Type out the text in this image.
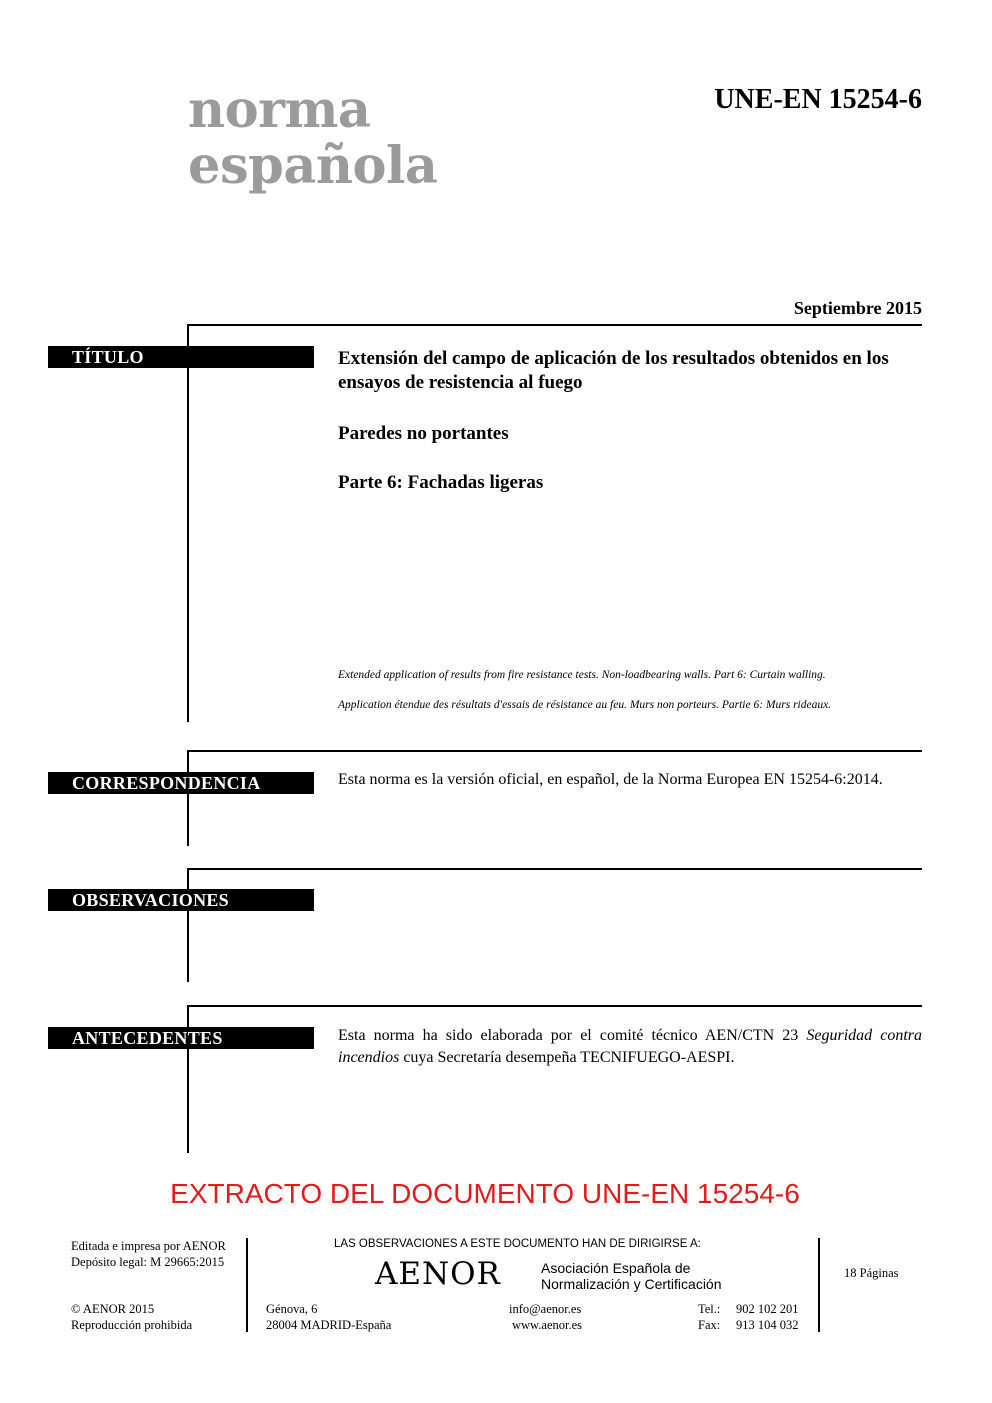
norma
española
UNE-EN 15254-6
Septiembre 2015
TÍTULO	Extensión del campo de aplicación de los resultados obtenidos en los ensayos de resistencia al fuego
Paredes no portantes
Parte 6: Fachadas ligeras
Extended application of results from fire resistance tests. Non-loadbearing walls. Part 6: Curtain walling.
Application étendue des résultats d'essais de résistance au feu. Murs non porteurs. Partie 6: Murs rideaux.
CORRESPONDENCIA	Esta norma es la versión oficial, en español, de la Norma Europea EN 15254-6:2014.
OBSERVACIONES
ANTECEDENTES	Esta norma ha sido elaborada por el comité técnico AEN/CTN 23 Seguridad contra incendios cuya Secretaría desempeña TECNIFUEGO-AESPI.
EXTRACTO DEL DOCUMENTO UNE-EN 15254-6
Editada e impresa por AENOR
Depósito legal: M 29665:2015
© AENOR 2015
Reproducción prohibida
LAS OBSERVACIONES A ESTE DOCUMENTO HAN DE DIRIGIRSE A:
AENOR	Asociación Española de
Normalización y Certificación
Génova, 6
28004 MADRID-España
info@aenor.es
www.aenor.es
Tel.: 902 102 201
Fax: 913 104 032
18 Páginas
